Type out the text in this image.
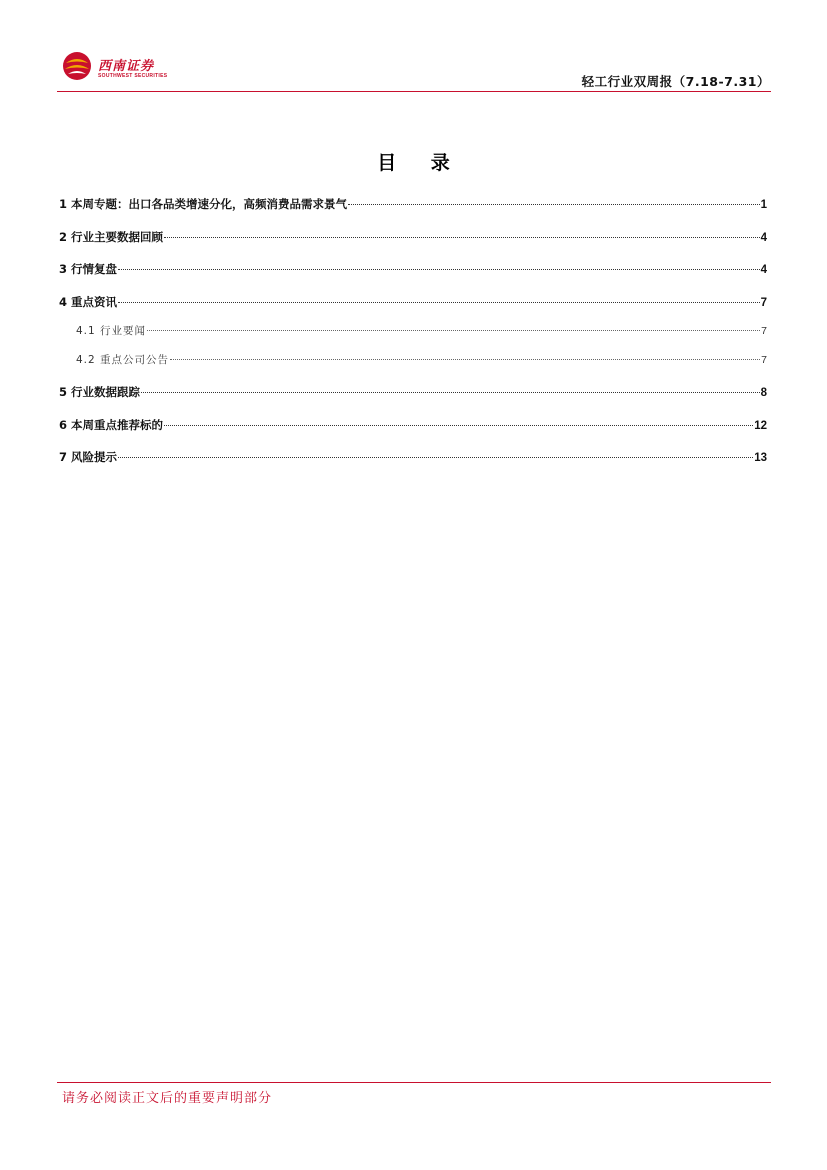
西南证券
SOUTHWEST SECURITIES	轻工行业双周报（7.18-7.31）
目 录
1 本周专题：出口各品类增速分化，高频消费品需求景气	1
2 行业主要数据回顾	4
3 行情复盘	4
4 重点资讯	7
4.1 行业要闻	7
4.2 重点公司公告	7
5 行业数据跟踪	8
6 本周重点推荐标的	12
7 风险提示	13
请务必阅读正文后的重要声明部分
